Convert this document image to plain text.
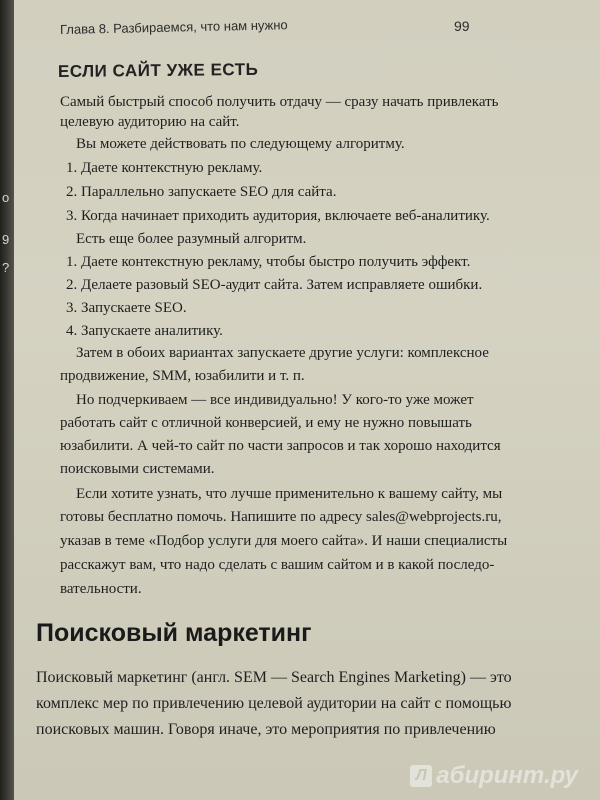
о
9
?

Глава 8. Разбираемся, что нам нужно	99

ЕСЛИ САЙТ УЖЕ ЕСТЬ

Самый быстрый способ получить отдачу — сразу начать привлекать

целевую аудиторию на сайт.

Вы можете действовать по следующему алгоритму.

1. Даете контекстную рекламу.

2. Параллельно запускаете SEO для сайта.

3. Когда начинает приходить аудитория, включаете веб-аналитику.

Есть еще более разумный алгоритм.

1. Даете контекстную рекламу, чтобы быстро получить эффект.

2. Делаете разовый SEO-аудит сайта. Затем исправляете ошибки.

3. Запускаете SEO.

4. Запускаете аналитику.

Затем в обоих вариантах запускаете другие услуги: комплексное

продвижение, SMM, юзабилити и т. п.

Но подчеркиваем — все индивидуально! У кого-то уже может

работать сайт с отличной конверсией, и ему не нужно повышать

юзабилити. А чей-то сайт по части запросов и так хорошо находится

поисковыми системами.

Если хотите узнать, что лучше применительно к вашему сайту, мы

готовы бесплатно помочь. Напишите по адресу sales@webprojects.ru,

указав в теме «Подбор услуги для моего сайта». И наши специалисты

расскажут вам, что надо сделать с вашим сайтом и в какой последо-

вательности.

Поисковый маркетинг

Поисковый маркетинг (англ. SEM — Search Engines Marketing) — это

комплекс мер по привлечению целевой аудитории на сайт с помощью

поисковых машин. Говоря иначе, это мероприятия по привлечению

Л абиринт.ру
